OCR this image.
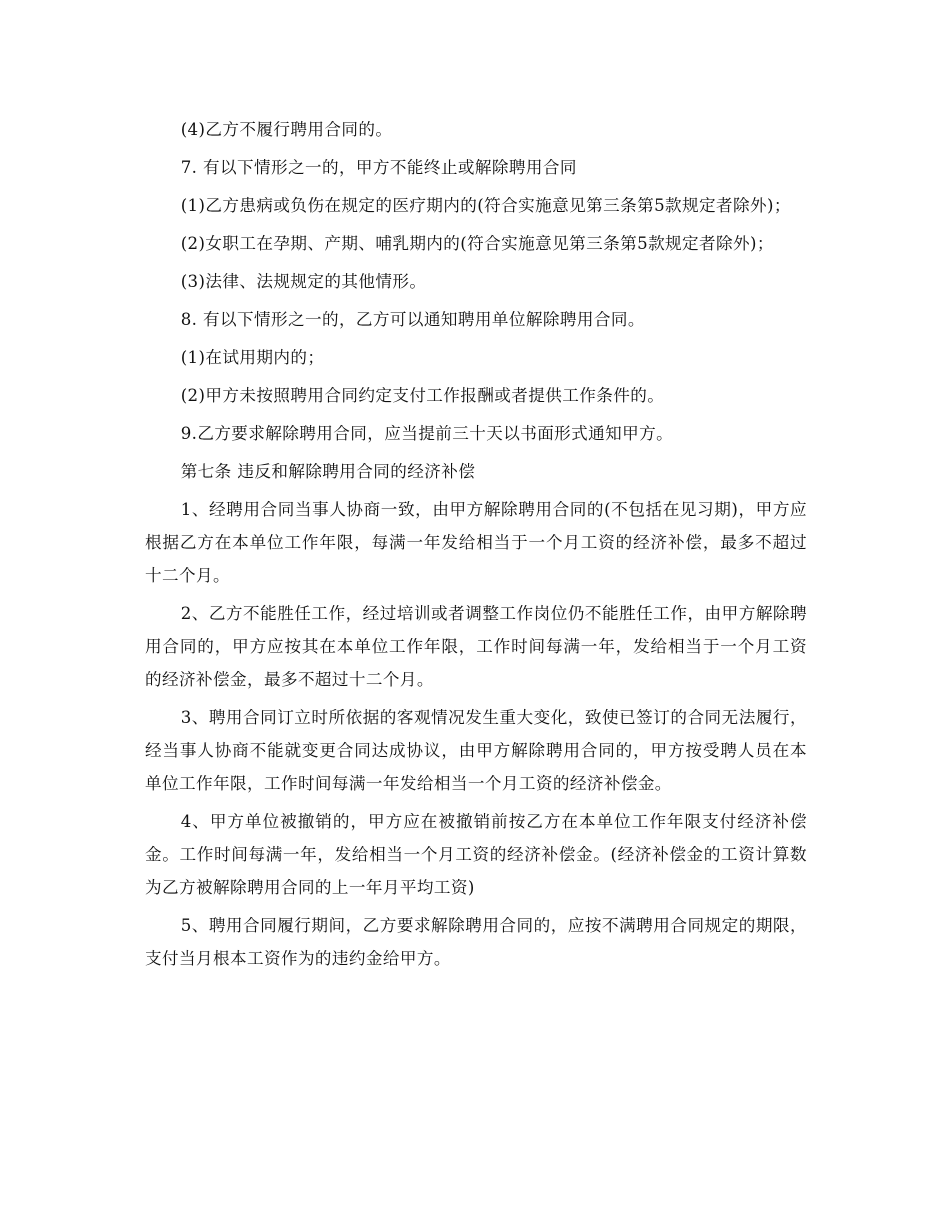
(4)乙方不履行聘用合同的。

7. 有以下情形之一的，甲方不能终止或解除聘用合同

(1)乙方患病或负伤在规定的医疗期内的(符合实施意见第三条第5款规定者除外)；

(2)女职工在孕期、产期、哺乳期内的(符合实施意见第三条第5款规定者除外)；

(3)法律、法规规定的其他情形。

8. 有以下情形之一的，乙方可以通知聘用单位解除聘用合同。

(1)在试用期内的；

(2)甲方未按照聘用合同约定支付工作报酬或者提供工作条件的。

9.乙方要求解除聘用合同，应当提前三十天以书面形式通知甲方。

第七条 违反和解除聘用合同的经济补偿

1、经聘用合同当事人协商一致，由甲方解除聘用合同的(不包括在见习期)，甲方应根据乙方在本单位工作年限，每满一年发给相当于一个月工资的经济补偿，最多不超过十二个月。

2、乙方不能胜任工作，经过培训或者调整工作岗位仍不能胜任工作，由甲方解除聘用合同的，甲方应按其在本单位工作年限，工作时间每满一年，发给相当于一个月工资的经济补偿金，最多不超过十二个月。

3、聘用合同订立时所依据的客观情况发生重大变化，致使已签订的合同无法履行，经当事人协商不能就变更合同达成协议，由甲方解除聘用合同的，甲方按受聘人员在本单位工作年限，工作时间每满一年发给相当一个月工资的经济补偿金。

4、甲方单位被撤销的，甲方应在被撤销前按乙方在本单位工作年限支付经济补偿金。工作时间每满一年，发给相当一个月工资的经济补偿金。(经济补偿金的工资计算数为乙方被解除聘用合同的上一年月平均工资)

5、聘用合同履行期间，乙方要求解除聘用合同的，应按不满聘用合同规定的期限，支付当月根本工资作为的违约金给甲方。
